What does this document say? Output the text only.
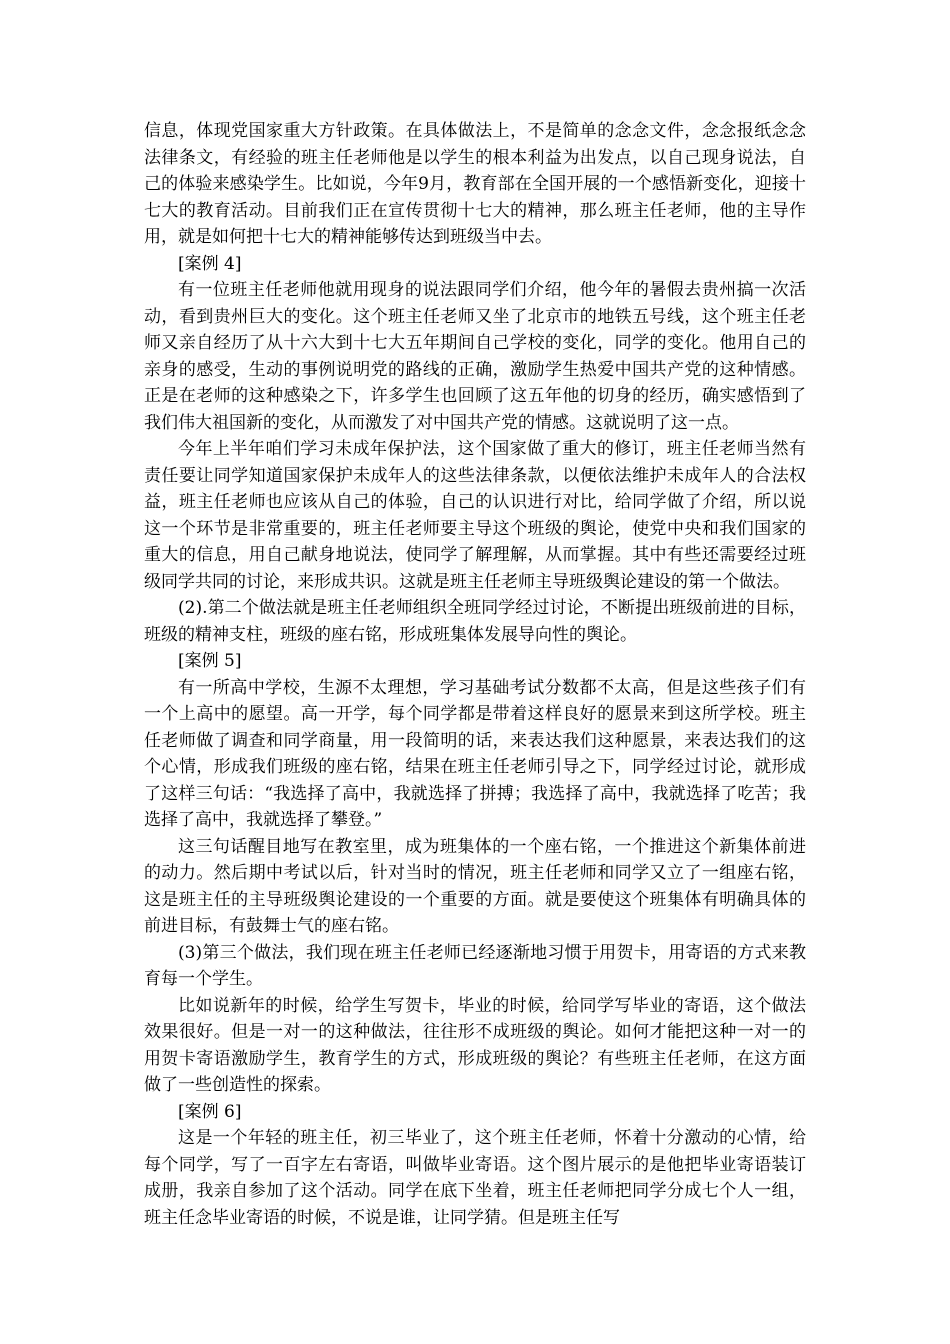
信息，体现党国家重大方针政策。在具体做法上，不是简单的念念文件，念念报纸念念法律条文，有经验的班主任老师他是以学生的根本利益为出发点，以自己现身说法，自己的体验来感染学生。比如说，今年9月，教育部在全国开展的一个感悟新变化，迎接十七大的教育活动。目前我们正在宣传贯彻十七大的精神，那么班主任老师，他的主导作用，就是如何把十七大的精神能够传达到班级当中去。

[案例 4]

有一位班主任老师他就用现身的说法跟同学们介绍，他今年的暑假去贵州搞一次活动，看到贵州巨大的变化。这个班主任老师又坐了北京市的地铁五号线，这个班主任老师又亲自经历了从十六大到十七大五年期间自己学校的变化，同学的变化。他用自己的亲身的感受，生动的事例说明党的路线的正确，激励学生热爱中国共产党的这种情感。正是在老师的这种感染之下，许多学生也回顾了这五年他的切身的经历，确实感悟到了我们伟大祖国新的变化，从而激发了对中国共产党的情感。这就说明了这一点。

今年上半年咱们学习未成年保护法，这个国家做了重大的修订，班主任老师当然有责任要让同学知道国家保护未成年人的这些法律条款，以便依法维护未成年人的合法权益，班主任老师也应该从自己的体验，自己的认识进行对比，给同学做了介绍，所以说这一个环节是非常重要的，班主任老师要主导这个班级的舆论，使党中央和我们国家的重大的信息，用自己献身地说法，使同学了解理解，从而掌握。其中有些还需要经过班级同学共同的讨论，来形成共识。这就是班主任老师主导班级舆论建设的第一个做法。

(2).第二个做法就是班主任老师组织全班同学经过讨论，不断提出班级前进的目标，班级的精神支柱，班级的座右铭，形成班集体发展导向性的舆论。

[案例 5]

有一所高中学校，生源不太理想，学习基础考试分数都不太高，但是这些孩子们有一个上高中的愿望。高一开学，每个同学都是带着这样良好的愿景来到这所学校。班主任老师做了调查和同学商量，用一段简明的话，来表达我们这种愿景，来表达我们的这个心情，形成我们班级的座右铭，结果在班主任老师引导之下，同学经过讨论，就形成了这样三句话：“我选择了高中，我就选择了拼搏；我选择了高中，我就选择了吃苦；我选择了高中，我就选择了攀登。”

这三句话醒目地写在教室里，成为班集体的一个座右铭，一个推进这个新集体前进的动力。然后期中考试以后，针对当时的情况，班主任老师和同学又立了一组座右铭，这是班主任的主导班级舆论建设的一个重要的方面。就是要使这个班集体有明确具体的前进目标，有鼓舞士气的座右铭。

(3)第三个做法，我们现在班主任老师已经逐渐地习惯于用贺卡，用寄语的方式来教育每一个学生。

比如说新年的时候，给学生写贺卡，毕业的时候，给同学写毕业的寄语，这个做法效果很好。但是一对一的这种做法，往往形不成班级的舆论。如何才能把这种一对一的用贺卡寄语激励学生，教育学生的方式，形成班级的舆论？有些班主任老师，在这方面做了一些创造性的探索。

[案例 6]

这是一个年轻的班主任，初三毕业了，这个班主任老师，怀着十分激动的心情，给每个同学，写了一百字左右寄语，叫做毕业寄语。这个图片展示的是他把毕业寄语装订成册，我亲自参加了这个活动。同学在底下坐着，班主任老师把同学分成七个人一组，班主任念毕业寄语的时候，不说是谁，让同学猜。但是班主任写
